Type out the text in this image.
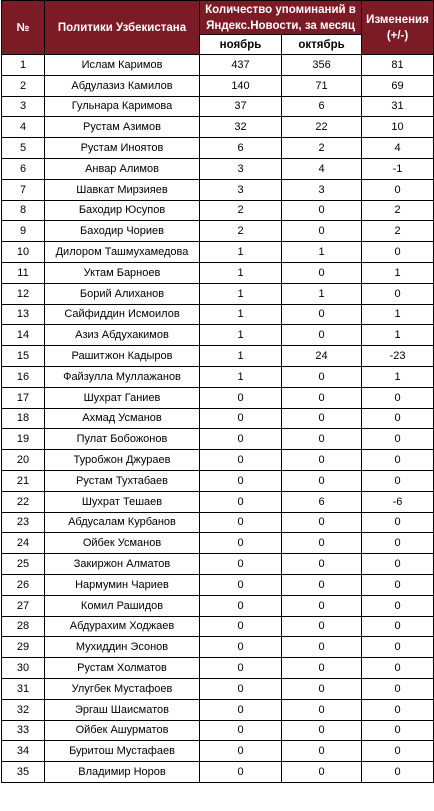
№	Политики Узбекистана	Количество упоминаний в Яндекс.Новости, за месяц		Изменения (+/-)
		ноябрь	октябрь	
1	Ислам Каримов	437	356	81
2	Абдулазиз Камилов	140	71	69
3	Гульнара Каримова	37	6	31
4	Рустам Азимов	32	22	10
5	Рустам Иноятов	6	2	4
6	Анвар Алимов	3	4	-1
7	Шавкат Мирзияев	3	3	0
8	Баходир Юсупов	2	0	2
9	Баходир Чориев	2	0	2
10	Дилором Ташмухамедова	1	1	0
11	Уктам Барноев	1	0	1
12	Борий Алиханов	1	1	0
13	Сайфиддин Исмоилов	1	0	1
14	Азиз Абдухакимов	1	0	1
15	Рашитжон Кадыров	1	24	-23
16	Файзулла Муллажанов	1	0	1
17	Шухрат Ганиев	0	0	0
18	Ахмад Усманов	0	0	0
19	Пулат Бобожонов	0	0	0
20	Туробжон Джураев	0	0	0
21	Рустам Тухтабаев	0	0	0
22	Шухрат Тешаев	0	6	-6
23	Абдусалам Курбанов	0	0	0
24	Ойбек Усманов	0	0	0
25	Закиржон Алматов	0	0	0
26	Нармумин Чариев	0	0	0
27	Комил Рашидов	0	0	0
28	Абдурахим Ходжаев	0	0	0
29	Мухиддин Эсонов	0	0	0
30	Рустам Холматов	0	0	0
31	Улугбек Мустафоев	0	0	0
32	Эргаш Шаисматов	0	0	0
33	Ойбек Ашурматов	0	0	0
34	Буритош Мустафаев	0	0	0
35	Владимир Норов	0	0	0
